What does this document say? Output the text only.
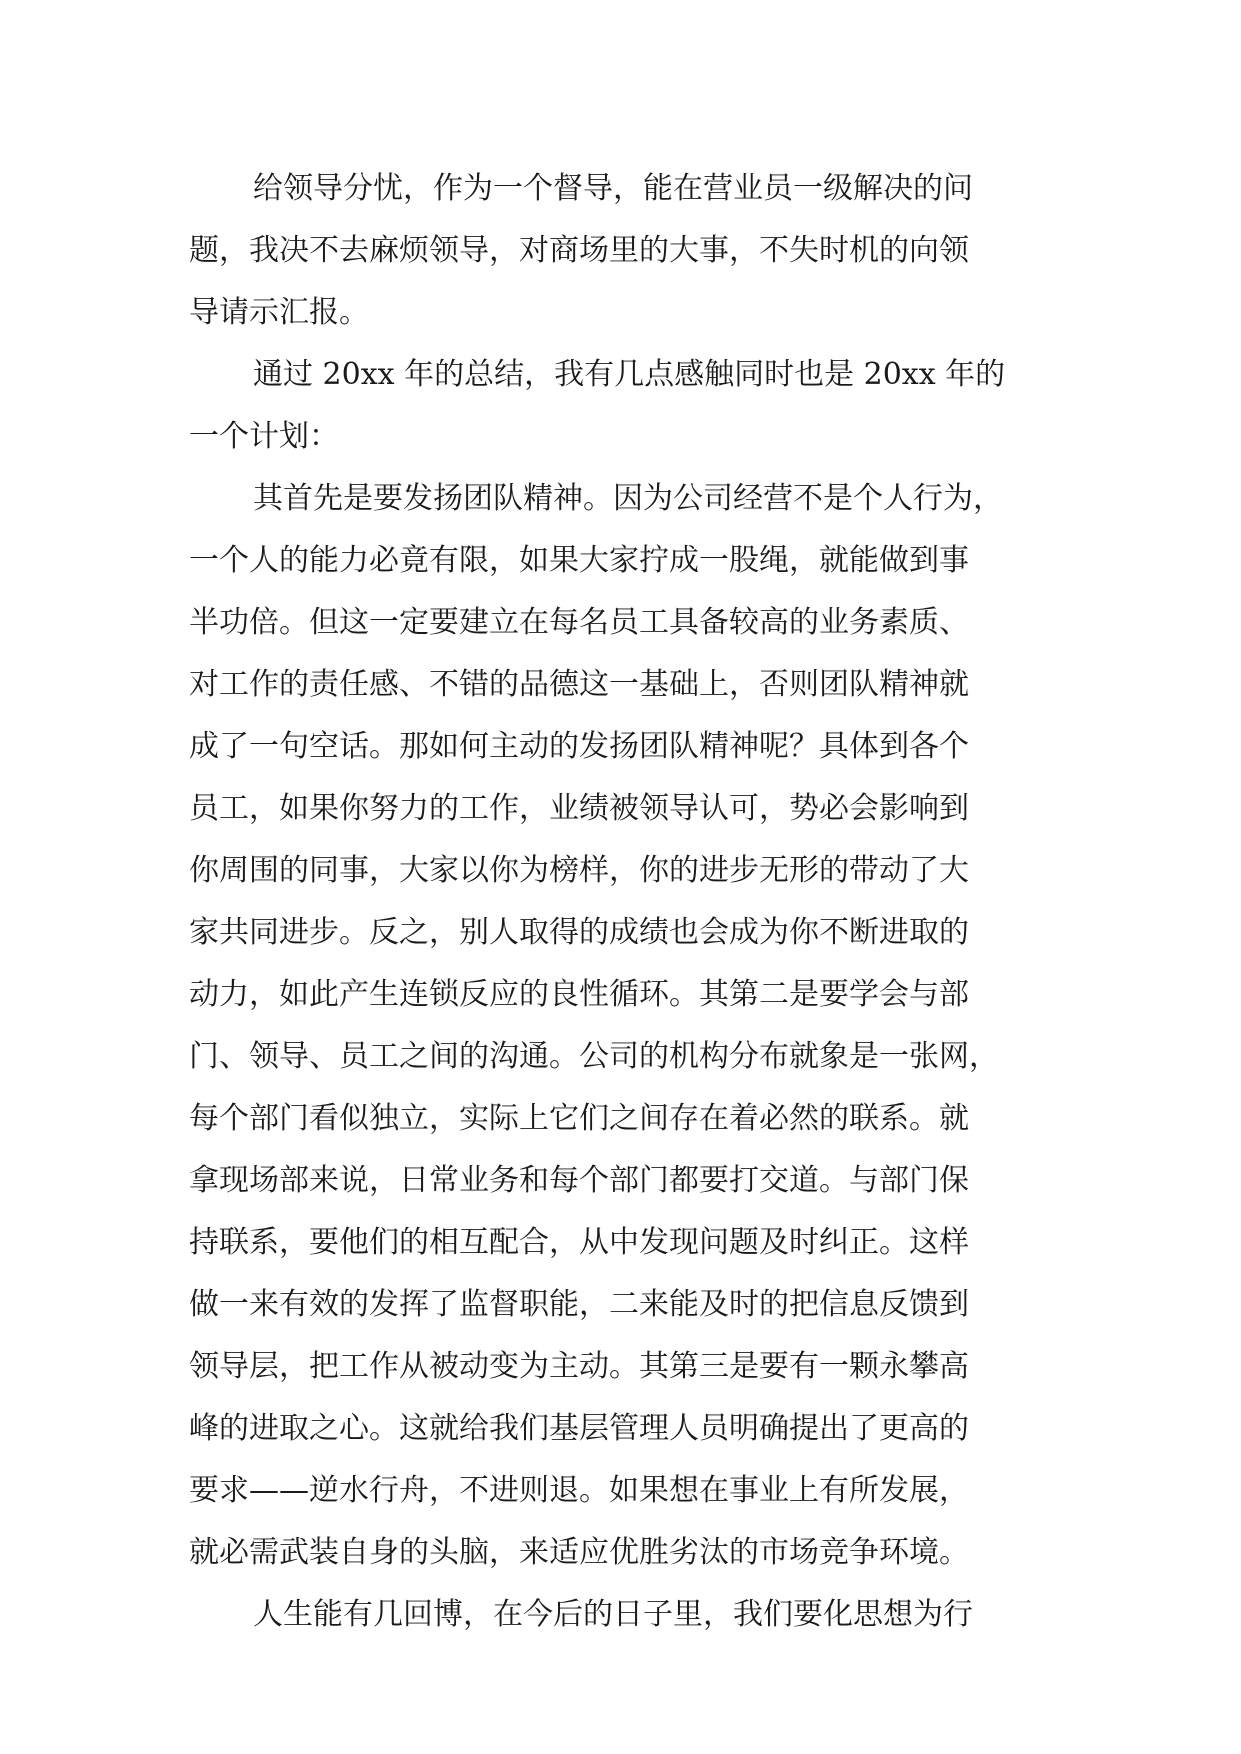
给领导分忧，作为一个督导，能在营业员一级解决的问
题，我决不去麻烦领导，对商场里的大事，不失时机的向领
导请示汇报。
通过 20xx 年的总结，我有几点感触同时也是 20xx 年的
一个计划：
其首先是要发扬团队精神。因为公司经营不是个人行为，
一个人的能力必竟有限，如果大家拧成一股绳，就能做到事
半功倍。但这一定要建立在每名员工具备较高的业务素质、
对工作的责任感、不错的品德这一基础上，否则团队精神就
成了一句空话。那如何主动的发扬团队精神呢？具体到各个
员工，如果你努力的工作，业绩被领导认可，势必会影响到
你周围的同事，大家以你为榜样，你的进步无形的带动了大
家共同进步。反之，别人取得的成绩也会成为你不断进取的
动力，如此产生连锁反应的良性循环。其第二是要学会与部
门、领导、员工之间的沟通。公司的机构分布就象是一张网，
每个部门看似独立，实际上它们之间存在着必然的联系。就
拿现场部来说，日常业务和每个部门都要打交道。与部门保
持联系，要他们的相互配合，从中发现问题及时纠正。这样
做一来有效的发挥了监督职能，二来能及时的把信息反馈到
领导层，把工作从被动变为主动。其第三是要有一颗永攀高
峰的进取之心。这就给我们基层管理人员明确提出了更高的
要求——逆水行舟，不进则退。如果想在事业上有所发展，
就必需武装自身的头脑，来适应优胜劣汰的市场竞争环境。
人生能有几回博，在今后的日子里，我们要化思想为行
